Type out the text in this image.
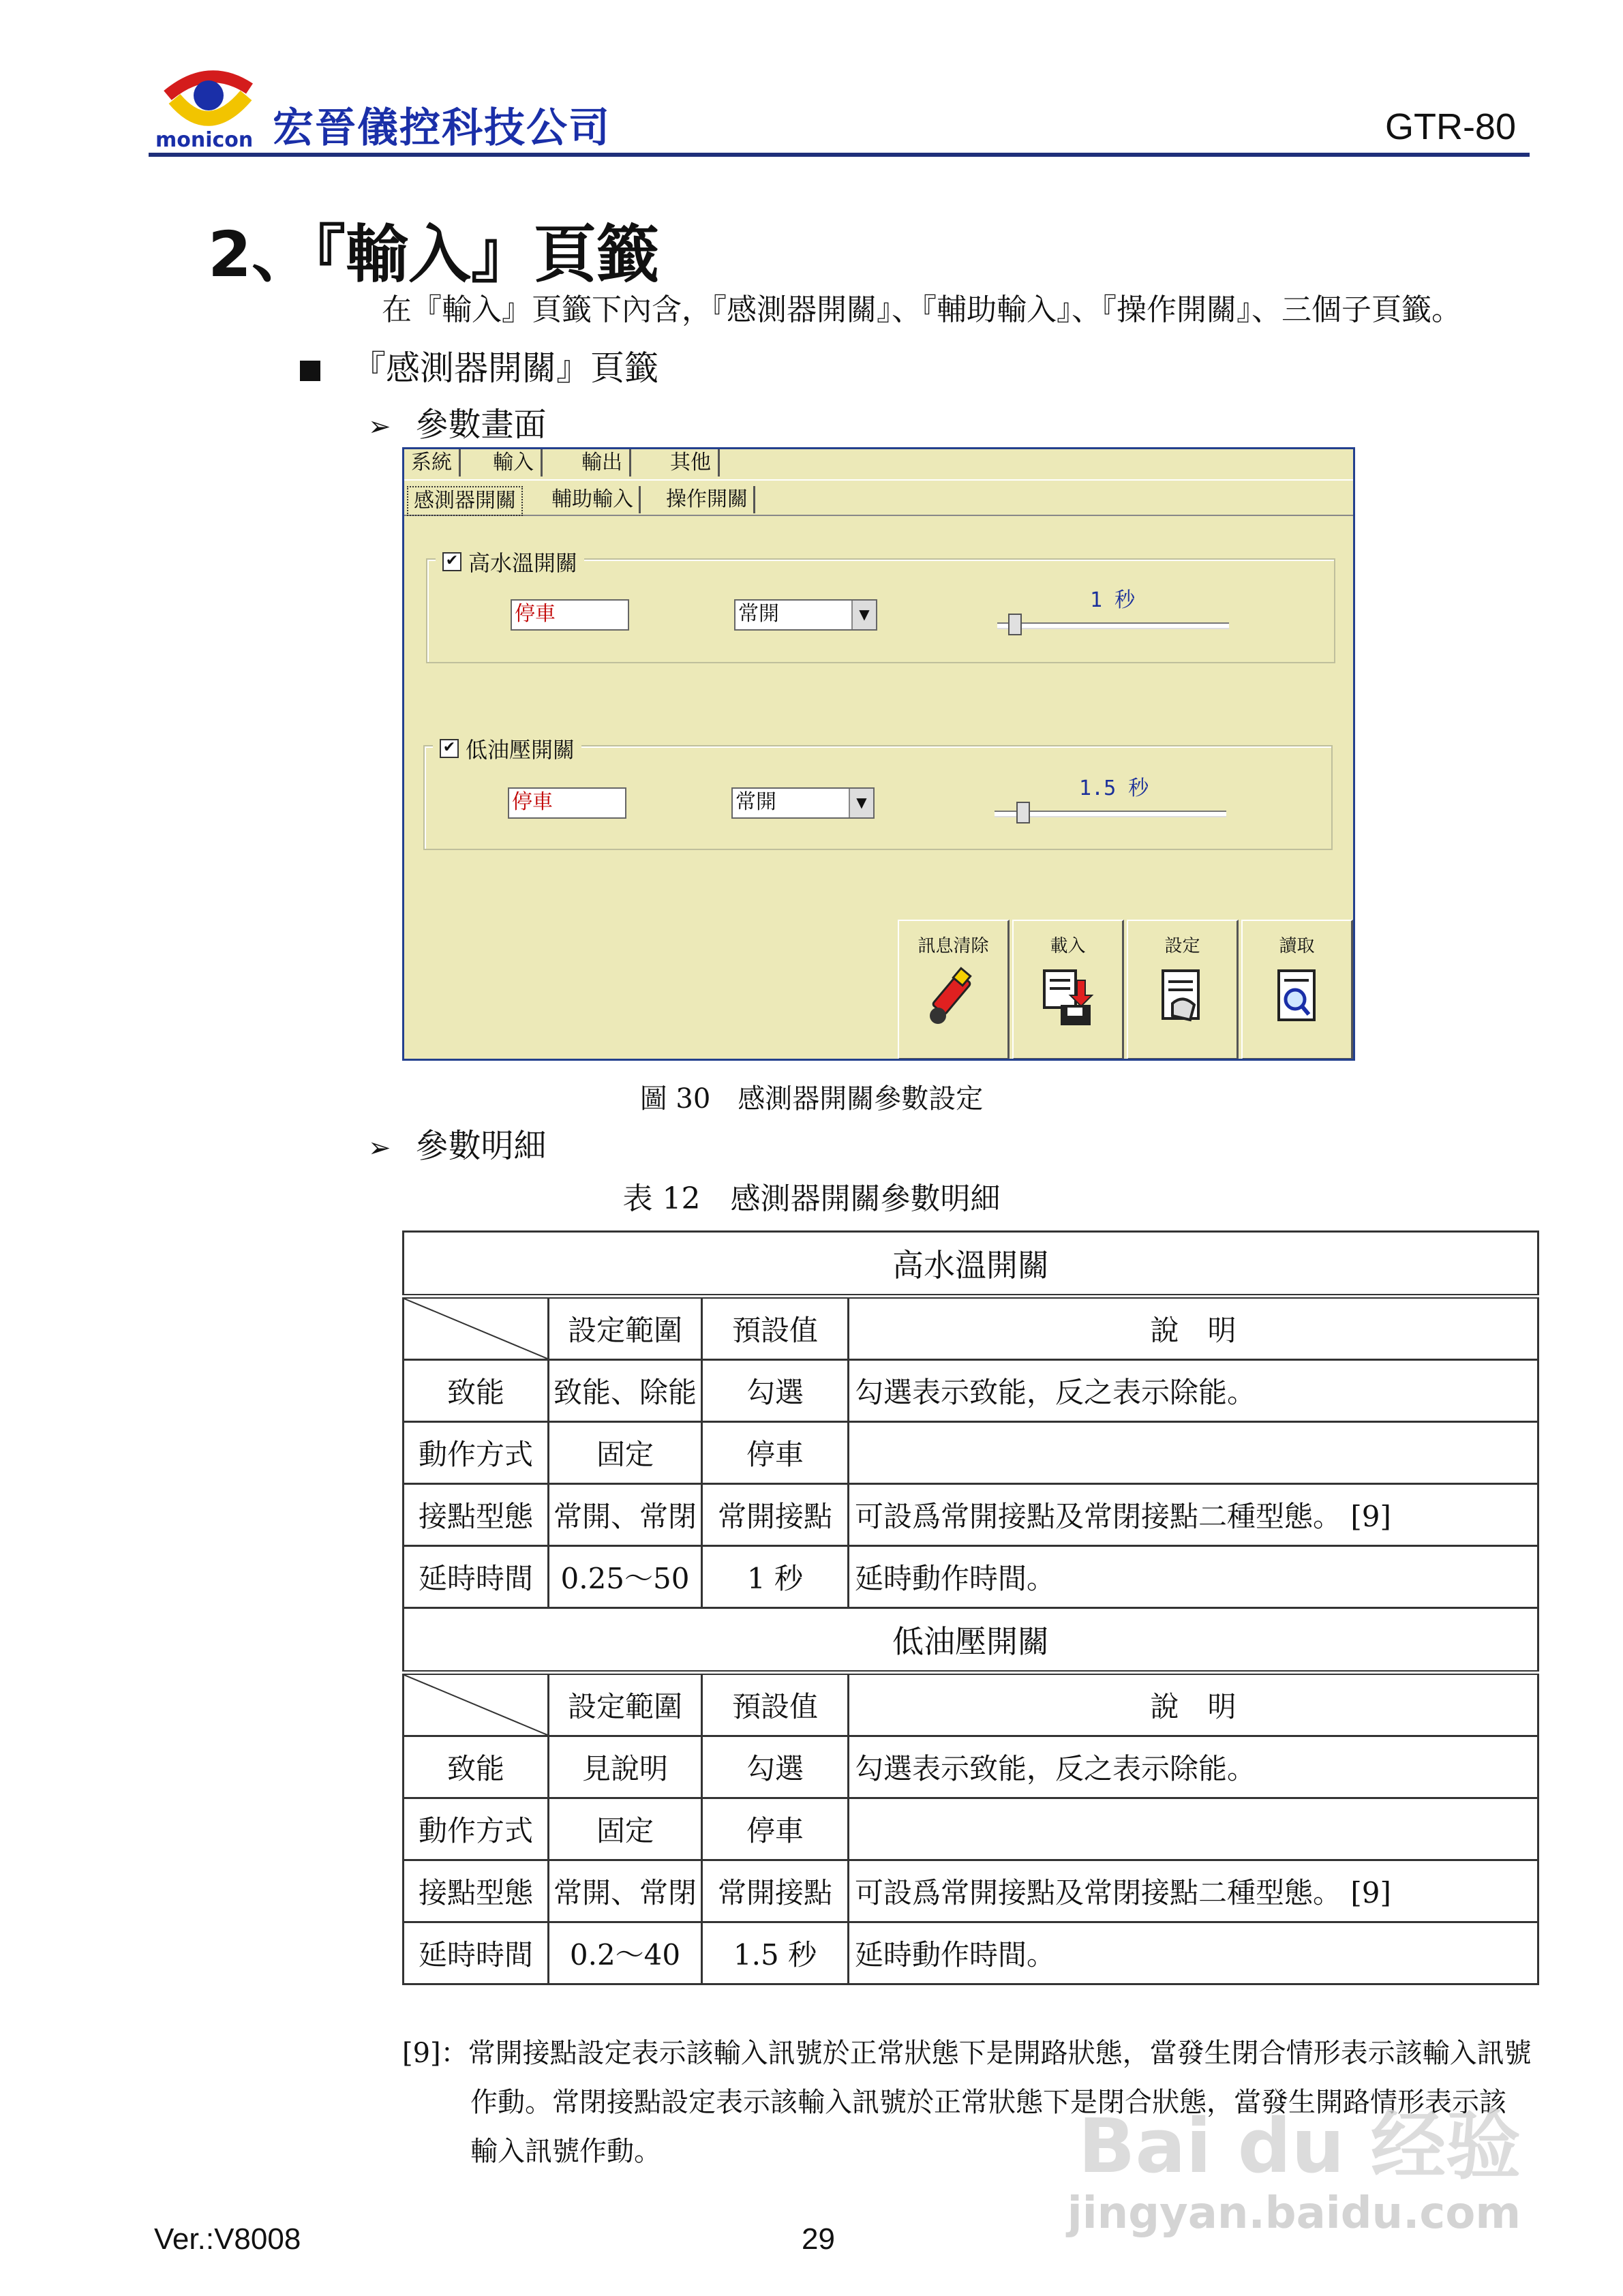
monicon 宏晉儀控科技公司	GTR-80
2、『輸入』頁籤
在『輸入』頁籤下內含，『感測器開關』、『輔助輸入』、『操作開關』、三個子頁籤。
『感測器開關』頁籤
➢ 參數畫面
系統	輸入	輸出	其他
感測器開關	輔助輸入	操作開關
✔ 高水溫開關
停車	常開	▼
1 秒
✔ 低油壓開關
停車	常開	▼
1.5 秒
訊息清除	載入	設定	讀取
圖 30　感測器開關參數設定
➢ 參數明細
表 12　感測器開關參數明細
高水溫開關			

	設定範圍	預設值	說　明
致能	致能、除能	勾選	勾選表示致能，反之表示除能。
動作方式	固定	停車	
接點型態	常開、常閉	常開接點	可設爲常開接點及常閉接點二種型態。 [9]
延時時間	0.25～50	1 秒	延時動作時間。
低油壓開關			

	設定範圍	預設值	說　明
致能	見說明	勾選	勾選表示致能，反之表示除能。
動作方式	固定	停車	
接點型態	常開、常閉	常開接點	可設爲常開接點及常閉接點二種型態。 [9]
延時時間	0.2～40	1.5 秒	延時動作時間。
[9]：常開接點設定表示該輸入訊號於正常狀態下是開路狀態，當發生閉合情形表示該輸入訊號
作動。常閉接點設定表示該輸入訊號於正常狀態下是閉合狀態，當發生開路情形表示該
輸入訊號作動。	Bai du 经验
jingyan.baidu.com
Ver.:V8008	29
